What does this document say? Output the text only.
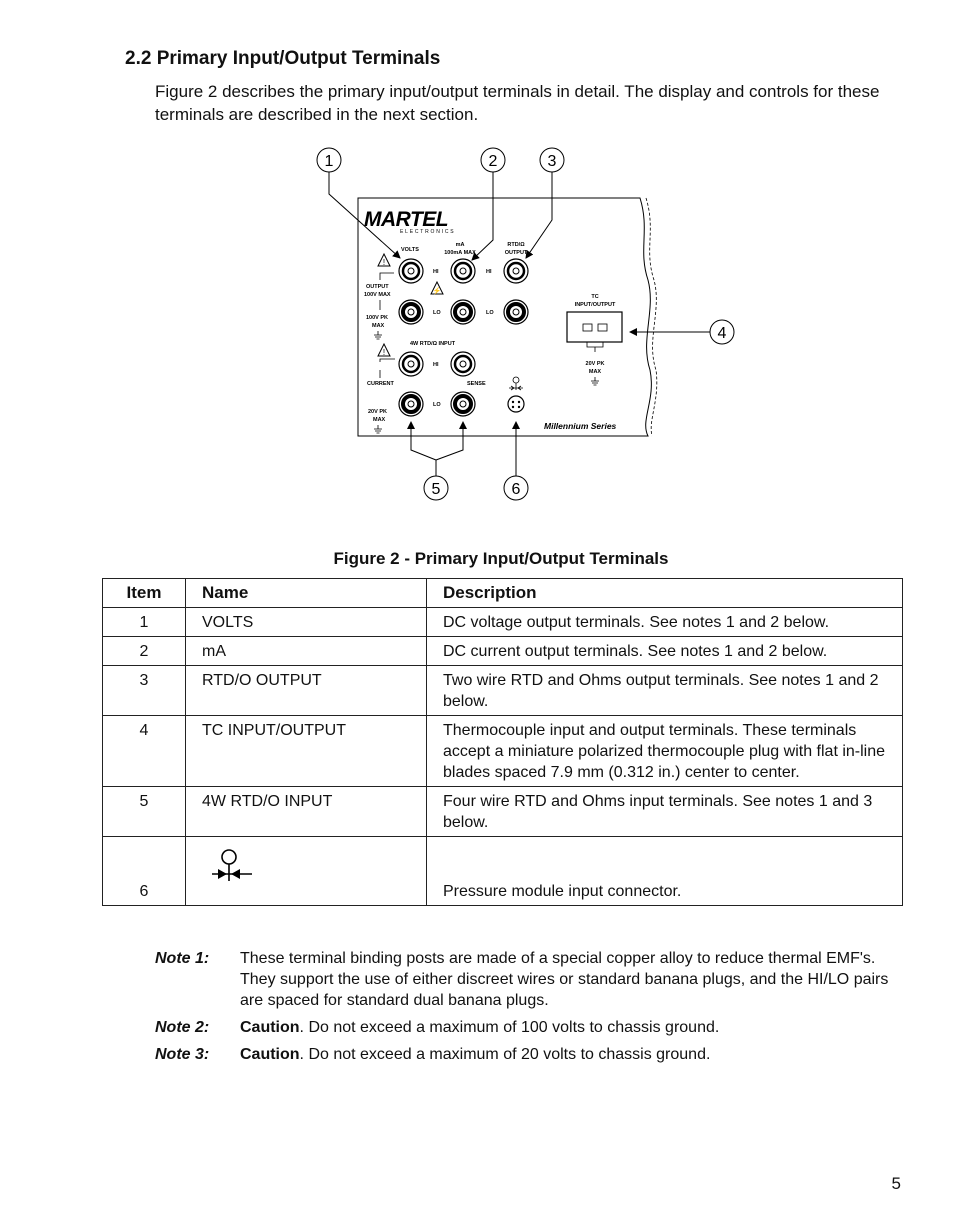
2.2 Primary Input/Output Terminals

Figure 2 describes the primary input/output terminals in detail. The display and controls for these terminals are described in the next section.

MARTEL
ELECTRONICS
VOLTS
mA
100mA MAX
RTD/Ω
OUTPUT
!
⚡
!
OUTPUT
100V MAX
100V PK
MAX
HI
LO
HI
LO
4W RTD/Ω INPUT
HI
CURRENT	SENSE
LO
20V PK
MAX
TC
INPUT/OUTPUT
20V PK
MAX
Millennium Series
1	2	3
4
5	6
Figure 2 - Primary Input/Output Terminals
Item	Name	Description
1	VOLTS	DC voltage output terminals. See notes 1 and 2 below.
2	mA	DC current output terminals. See notes 1 and 2 below.
3	RTD/O OUTPUT	Two wire RTD and Ohms output terminals. See notes 1 and 2 below.
4	TC INPUT/OUTPUT	Thermocouple input and output terminals. These terminals accept a miniature polarized thermocouple plug with flat in-line blades spaced 7.9 mm (0.312 in.) center to center.
5	4W RTD/O INPUT	Four wire RTD and Ohms input terminals. See notes 1 and 3 below.
6		Pressure module input connector.
Note 1:	These terminal binding posts are made of a special copper alloy to reduce thermal EMF's. They support the use of either discreet wires or standard banana plugs, and the HI/LO pairs are spaced for standard dual banana plugs.
Note 2:	Caution. Do not exceed a maximum of 100 volts to chassis ground.
Note 3:	Caution. Do not exceed a maximum of 20 volts to chassis ground.
5
